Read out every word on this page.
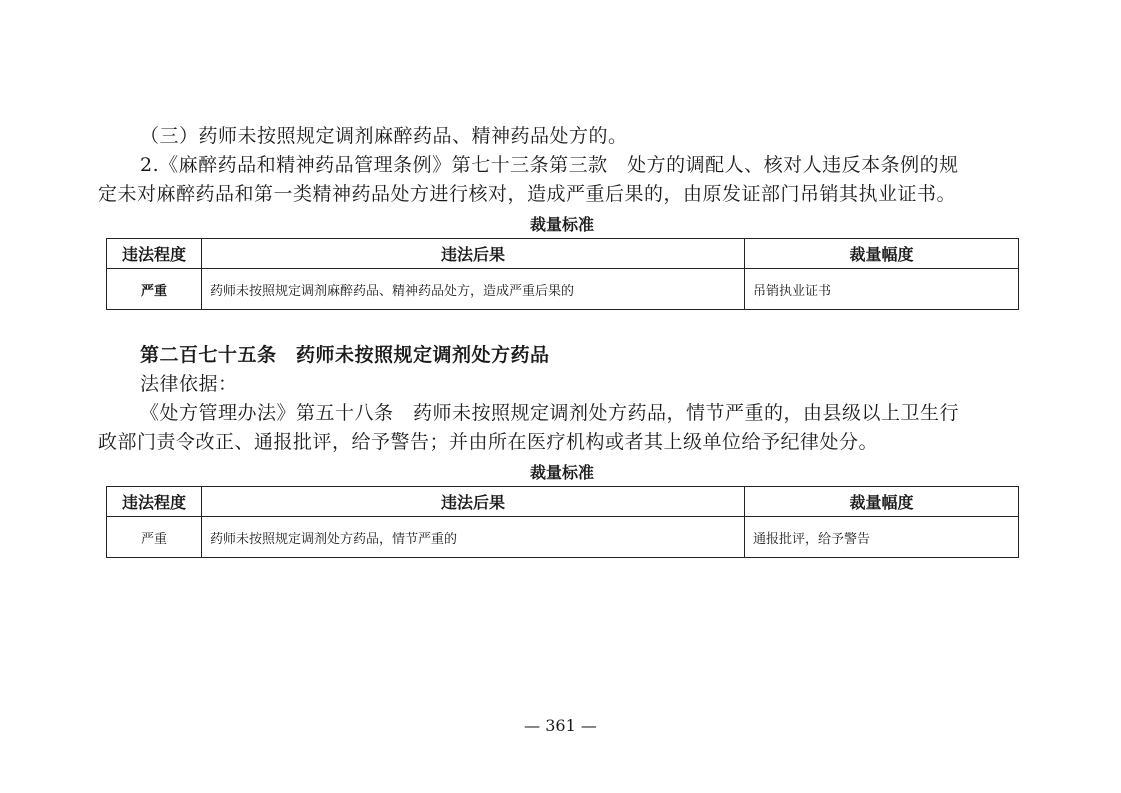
（三）药师未按照规定调剂麻醉药品、精神药品处方的。
2.《麻醉药品和精神药品管理条例》第七十三条第三款　处方的调配人、核对人违反本条例的规
定未对麻醉药品和第一类精神药品处方进行核对，造成严重后果的，由原发证部门吊销其执业证书。
裁量标准
违法程度	违法后果	裁量幅度
严重	药师未按照规定调剂麻醉药品、精神药品处方，造成严重后果的	吊销执业证书
第二百七十五条　药师未按照规定调剂处方药品
法律依据：
《处方管理办法》第五十八条　药师未按照规定调剂处方药品，情节严重的，由县级以上卫生行
政部门责令改正、通报批评，给予警告；并由所在医疗机构或者其上级单位给予纪律处分。
裁量标准
违法程度	违法后果	裁量幅度
严重	药师未按照规定调剂处方药品，情节严重的	通报批评，给予警告
— 361 —
